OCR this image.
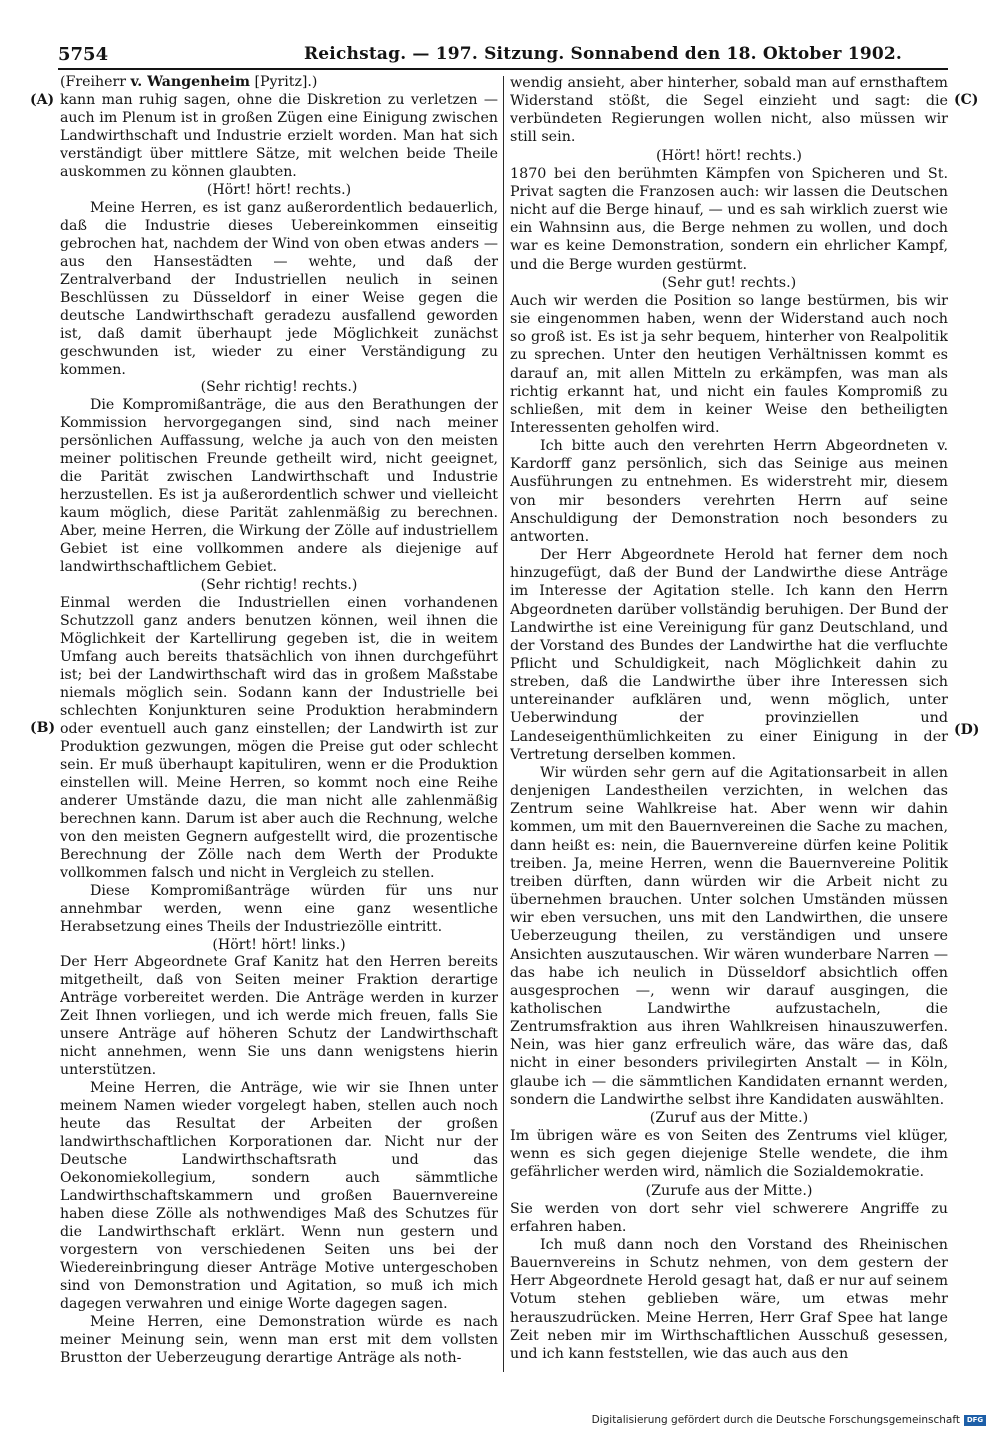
5754	Reichstag. — 197. Sitzung. Sonnabend den 18. Oktober 1902.
(A)
(B)
(C)
(D)

(Freiherr v. Wangenheim [Pyritz].)

kann man ruhig sagen, ohne die Diskretion zu verletzen — auch im Plenum ist in großen Zügen eine Einigung zwischen Landwirthschaft und Industrie erzielt worden. Man hat sich verständigt über mittlere Sätze, mit welchen beide Theile auskommen zu können glaubten.

(Hört! hört! rechts.)

Meine Herren, es ist ganz außerordentlich bedauerlich, daß die Industrie dieses Uebereinkommen einseitig gebrochen hat, nachdem der Wind von oben etwas anders — aus den Hansestädten — wehte, und daß der Zentralverband der Industriellen neulich in seinen Beschlüssen zu Düsseldorf in einer Weise gegen die deutsche Landwirthschaft geradezu ausfallend geworden ist, daß damit überhaupt jede Möglichkeit zunächst geschwunden ist, wieder zu einer Verständigung zu kommen.

(Sehr richtig! rechts.)

Die Kompromißanträge, die aus den Berathungen der Kommission hervorgegangen sind, sind nach meiner persönlichen Auffassung, welche ja auch von den meisten meiner politischen Freunde getheilt wird, nicht geeignet, die Parität zwischen Landwirthschaft und Industrie herzustellen. Es ist ja außerordentlich schwer und vielleicht kaum möglich, diese Parität zahlenmäßig zu berechnen. Aber, meine Herren, die Wirkung der Zölle auf industriellem Gebiet ist eine vollkommen andere als diejenige auf landwirthschaftlichem Gebiet.

(Sehr richtig! rechts.)

Einmal werden die Industriellen einen vorhandenen Schutzzoll ganz anders benutzen können, weil ihnen die Möglichkeit der Kartellirung gegeben ist, die in weitem Umfang auch bereits thatsächlich von ihnen durchgeführt ist; bei der Landwirthschaft wird das in großem Maßstabe niemals möglich sein. Sodann kann der Industrielle bei schlechten Konjunkturen seine Produktion herabmindern oder eventuell auch ganz einstellen; der Landwirth ist zur Produktion gezwungen, mögen die Preise gut oder schlecht sein. Er muß überhaupt kapituliren, wenn er die Produktion einstellen will. Meine Herren, so kommt noch eine Reihe anderer Umstände dazu, die man nicht alle zahlenmäßig berechnen kann. Darum ist aber auch die Rechnung, welche von den meisten Gegnern aufgestellt wird, die prozentische Berechnung der Zölle nach dem Werth der Produkte vollkommen falsch und nicht in Vergleich zu stellen.

Diese Kompromißanträge würden für uns nur annehmbar werden, wenn eine ganz wesentliche Herabsetzung eines Theils der Industriezölle eintritt.

(Hört! hört! links.)

Der Herr Abgeordnete Graf Kanitz hat den Herren bereits mitgetheilt, daß von Seiten meiner Fraktion derartige Anträge vorbereitet werden. Die Anträge werden in kurzer Zeit Ihnen vorliegen, und ich werde mich freuen, falls Sie unsere Anträge auf höheren Schutz der Landwirthschaft nicht annehmen, wenn Sie uns dann wenigstens hierin unterstützen.

Meine Herren, die Anträge, wie wir sie Ihnen unter meinem Namen wieder vorgelegt haben, stellen auch noch heute das Resultat der Arbeiten der großen landwirthschaftlichen Korporationen dar. Nicht nur der Deutsche Landwirthschaftsrath und das Oekonomiekollegium, sondern auch sämmtliche Landwirthschaftskammern und großen Bauernvereine haben diese Zölle als nothwendiges Maß des Schutzes für die Landwirthschaft erklärt. Wenn nun gestern und vorgestern von verschiedenen Seiten uns bei der Wiedereinbringung dieser Anträge Motive untergeschoben sind von Demonstration und Agitation, so muß ich mich dagegen verwahren und einige Worte dagegen sagen.

Meine Herren, eine Demonstration würde es nach meiner Meinung sein, wenn man erst mit dem vollsten Brustton der Ueberzeugung derartige Anträge als noth-

wendig ansieht, aber hinterher, sobald man auf ernsthaftem Widerstand stößt, die Segel einzieht und sagt: die verbündeten Regierungen wollen nicht, also müssen wir still sein.

(Hört! hört! rechts.)

1870 bei den berühmten Kämpfen von Spicheren und St. Privat sagten die Franzosen auch: wir lassen die Deutschen nicht auf die Berge hinauf, — und es sah wirklich zuerst wie ein Wahnsinn aus, die Berge nehmen zu wollen, und doch war es keine Demonstration, sondern ein ehrlicher Kampf, und die Berge wurden gestürmt.

(Sehr gut! rechts.)

Auch wir werden die Position so lange bestürmen, bis wir sie eingenommen haben, wenn der Widerstand auch noch so groß ist. Es ist ja sehr bequem, hinterher von Realpolitik zu sprechen. Unter den heutigen Verhältnissen kommt es darauf an, mit allen Mitteln zu erkämpfen, was man als richtig erkannt hat, und nicht ein faules Kompromiß zu schließen, mit dem in keiner Weise den betheiligten Interessenten geholfen wird.

Ich bitte auch den verehrten Herrn Abgeordneten v. Kardorff ganz persönlich, sich das Seinige aus meinen Ausführungen zu entnehmen. Es widerstreht mir, diesem von mir besonders verehrten Herrn auf seine Anschuldigung der Demonstration noch besonders zu antworten.

Der Herr Abgeordnete Herold hat ferner dem noch hinzugefügt, daß der Bund der Landwirthe diese Anträge im Interesse der Agitation stelle. Ich kann den Herrn Abgeordneten darüber vollständig beruhigen. Der Bund der Landwirthe ist eine Vereinigung für ganz Deutschland, und der Vorstand des Bundes der Landwirthe hat die verfluchte Pflicht und Schuldigkeit, nach Möglichkeit dahin zu streben, daß die Landwirthe über ihre Interessen sich untereinander aufklären und, wenn möglich, unter Ueberwindung der provinziellen und Landeseigenthümlichkeiten zu einer Einigung in der Vertretung derselben kommen.

Wir würden sehr gern auf die Agitationsarbeit in allen denjenigen Landestheilen verzichten, in welchen das Zentrum seine Wahlkreise hat. Aber wenn wir dahin kommen, um mit den Bauernvereinen die Sache zu machen, dann heißt es: nein, die Bauernvereine dürfen keine Politik treiben. Ja, meine Herren, wenn die Bauernvereine Politik treiben dürften, dann würden wir die Arbeit nicht zu übernehmen brauchen. Unter solchen Umständen müssen wir eben versuchen, uns mit den Landwirthen, die unsere Ueberzeugung theilen, zu verständigen und unsere Ansichten auszutauschen. Wir wären wunderbare Narren — das habe ich neulich in Düsseldorf absichtlich offen ausgesprochen —, wenn wir darauf ausgingen, die katholischen Landwirthe aufzustacheln, die Zentrumsfraktion aus ihren Wahlkreisen hinauszuwerfen. Nein, was hier ganz erfreulich wäre, das wäre das, daß nicht in einer besonders privilegirten Anstalt — in Köln, glaube ich — die sämmtlichen Kandidaten ernannt werden, sondern die Landwirthe selbst ihre Kandidaten auswählten.

(Zuruf aus der Mitte.)

Im übrigen wäre es von Seiten des Zentrums viel klüger, wenn es sich gegen diejenige Stelle wendete, die ihm gefährlicher werden wird, nämlich die Sozialdemokratie.

(Zurufe aus der Mitte.)

Sie werden von dort sehr viel schwerere Angriffe zu erfahren haben.

Ich muß dann noch den Vorstand des Rheinischen Bauernvereins in Schutz nehmen, von dem gestern der Herr Abgeordnete Herold gesagt hat, daß er nur auf seinem Votum stehen geblieben wäre, um etwas mehr herauszudrücken. Meine Herren, Herr Graf Spee hat lange Zeit neben mir im Wirthschaftlichen Ausschuß gesessen, und ich kann feststellen, wie das auch aus den

Digitalisierung gefördert durch die Deutsche Forschungsgemeinschaft DFG
